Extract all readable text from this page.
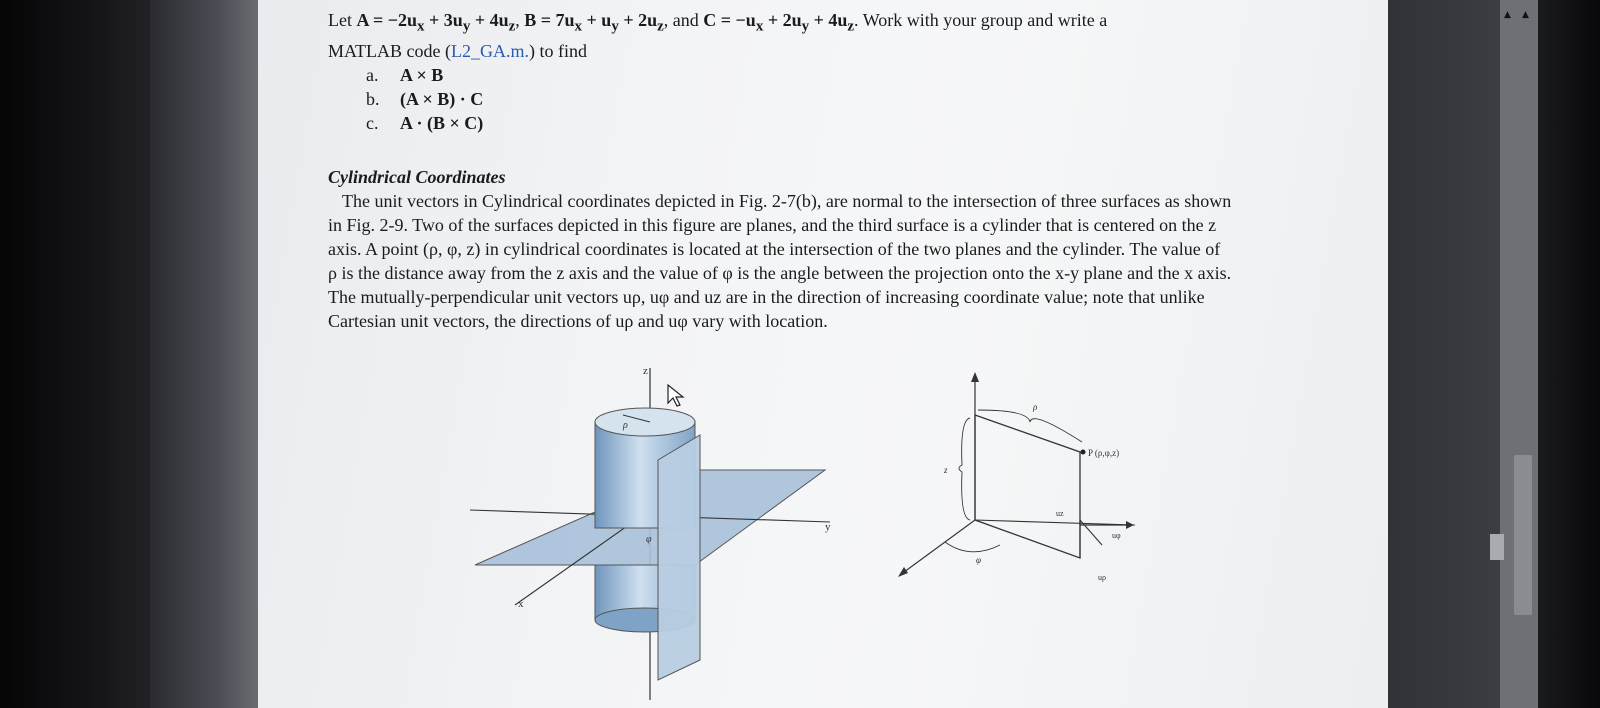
Let $A = -2u_x + 3u_y + 4u_z$, $B = 7u_x + u_y + 2u_z$, and $C = -u_x + 2u_y + 4u_z$. Work with your group and write a
MATLAB code (L2_GA.m.) to find
a. A × B
b. (A × B) · C
c. A · (B × C)
Cylindrical Coordinates
The unit vectors in Cylindrical coordinates depicted in Fig. 2-7(b), are normal to the intersection of three surfaces as shown
in Fig. 2-9. Two of the surfaces depicted in this figure are planes, and the third surface is a cylinder that is centered on the z
axis. A point (ρ, φ, z) in cylindrical coordinates is located at the intersection of the two planes and the cylinder. The value of
ρ is the distance away from the z axis and the value of φ is the angle between the projection onto the x-y plane and the x axis.
The mutually-perpendicular unit vectors uρ, uφ and uz are in the direction of increasing coordinate value; note that unlike
Cartesian unit vectors, the directions of uρ and uφ vary with location.
z
y
x
ρ
φ
ρ
P (ρ,φ,z)
z
uz
uφ
uρ
φ
▲ ▲
